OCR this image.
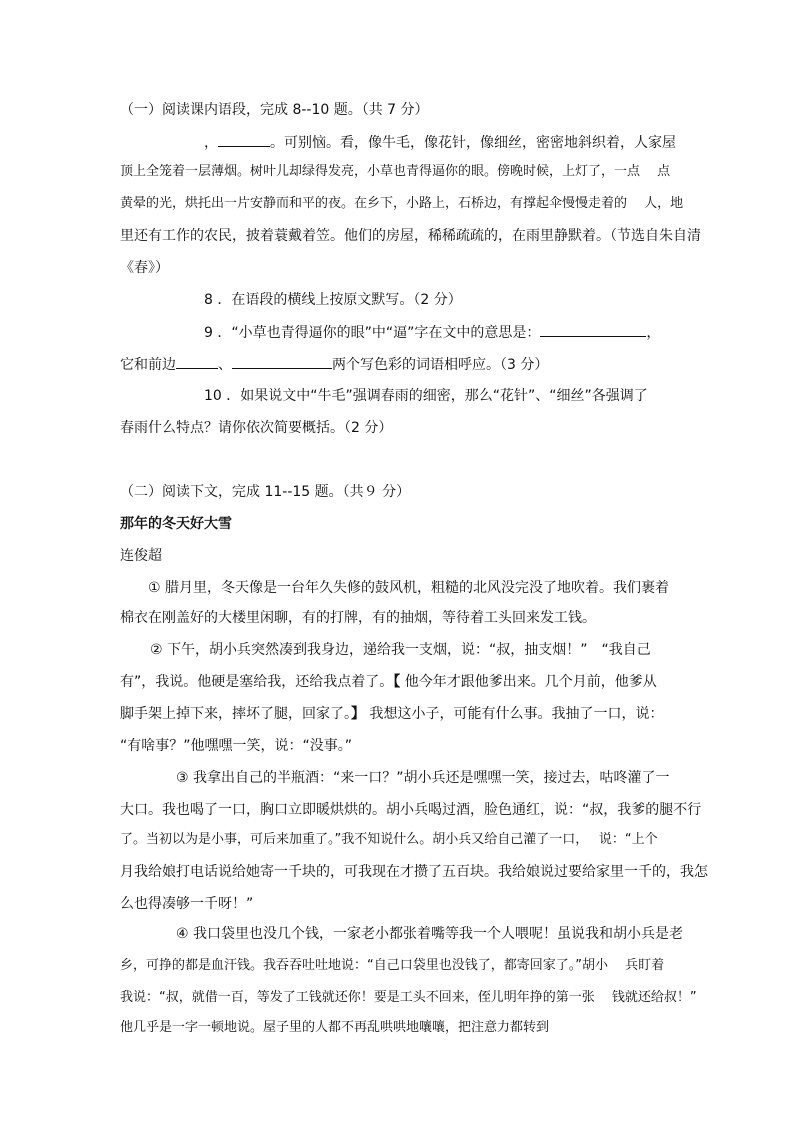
（一）阅读课内语段，完成 8--10 题。（共 7 分）
，	。可别恼。看，像牛毛，像花针，像细丝，密密地斜织着，人家屋
顶上全笼着一层薄烟。树叶儿却绿得发亮，小草也青得逼你的眼。傍晚时候，上灯了，一点　 点
黄晕的光，烘托出一片安静而和平的夜。在乡下，小路上，石桥边，有撑起伞慢慢走着的　 人，地
里还有工作的农民，披着蓑戴着笠。他们的房屋，稀稀疏疏的，在雨里静默着。（节选自朱自清
《春》）
8 ．在语段的横线上按原文默写。（2 分）
9 ．“小草也青得逼你的眼”中“逼”字在文中的意思是：	，
它和前边	、	两个写色彩的词语相呼应。（3 分）
10 ．如果说文中“牛毛”强调春雨的细密，那么“花针”、“细丝”各强调了
春雨什么特点？请你依次简要概括。（2 分）
（二）阅读下文，完成 11--15 题。（共９ 分）
那年的冬天好大雪
连俊超
① 腊月里，冬天像是一台年久失修的鼓风机，粗糙的北风没完没了地吹着。我们裹着
棉衣在刚盖好的大楼里闲聊，有的打牌，有的抽烟，等待着工头回来发工钱。
② 下午，胡小兵突然凑到我身边，递给我一支烟，说：“叔，抽支烟！”　“我自己
有”，我说。他硬是塞给我，还给我点着了。【 他今年才跟他爹出来。几个月前，他爹从
脚手架上掉下来，摔坏了腿，回家了。】 我想这小子，可能有什么事。我抽了一口，说：
“有啥事？”他嘿嘿一笑，说：“没事。”
③ 我拿出自己的半瓶酒：“来一口？”胡小兵还是嘿嘿一笑，接过去，咕咚灌了一
大口。我也喝了一口，胸口立即暖烘烘的。胡小兵喝过酒，脸色通红，说：“叔，我爹的腿不行
了。当初以为是小事，可后来加重了。”我不知说什么。胡小兵又给自己灌了一口，　 说：“上个
月我给娘打电话说给她寄一千块的，可我现在才攒了五百块。我给娘说过要给家里一千的，我怎
么也得凑够一千呀！”
④ 我口袋里也没几个钱，一家老小都张着嘴等我一个人喂呢！虽说我和胡小兵是老
乡，可挣的都是血汗钱。我吞吞吐吐地说：“自己口袋里也没钱了，都寄回家了。”胡小　 兵盯着
我说：“叔，就借一百，等发了工钱就还你！要是工头不回来，侄儿明年挣的第一张　 钱就还给叔！”
他几乎是一字一顿地说。屋子里的人都不再乱哄哄地嚷嚷，把注意力都转到
